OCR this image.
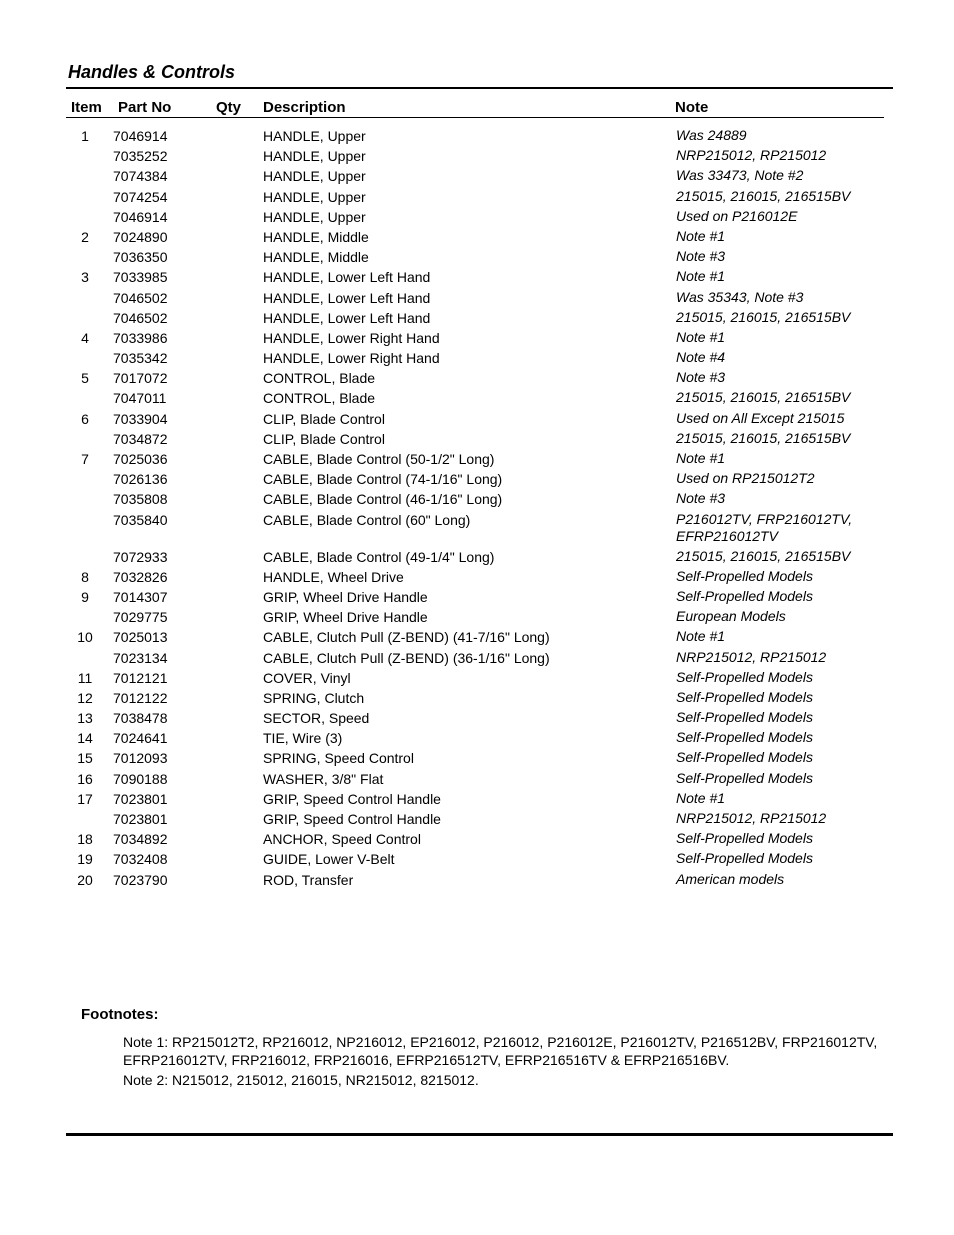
Handles & Controls
Item Part No	Qty Description	Note
1	7046914	HANDLE, Upper	Was 24889
7035252	HANDLE, Upper	NRP215012, RP215012
7074384	HANDLE, Upper	Was 33473, Note #2
7074254	HANDLE, Upper	215015, 216015, 216515BV
7046914	HANDLE, Upper	Used on P216012E
2	7024890	HANDLE, Middle	Note #1
7036350	HANDLE, Middle	Note #3
3	7033985	HANDLE, Lower Left Hand	Note #1
7046502	HANDLE, Lower Left Hand	Was 35343, Note #3
7046502	HANDLE, Lower Left Hand	215015, 216015, 216515BV
4	7033986	HANDLE, Lower Right Hand	Note #1
7035342	HANDLE, Lower Right Hand	Note #4
5	7017072	CONTROL, Blade	Note #3
7047011	CONTROL, Blade	215015, 216015, 216515BV
6	7033904	CLIP, Blade Control	Used on All Except 215015
7034872	CLIP, Blade Control	215015, 216015, 216515BV
7	7025036	CABLE, Blade Control (50-1/2" Long)	Note #1
7026136	CABLE, Blade Control (74-1/16" Long)	Used on RP215012T2
7035808	CABLE, Blade Control (46-1/16" Long)	Note #3
7035840	CABLE, Blade Control (60" Long)	P216012TV, FRP216012TV, EFRP216012TV
7072933	CABLE, Blade Control (49-1/4" Long)	215015, 216015, 216515BV
8	7032826	HANDLE, Wheel Drive	Self-Propelled Models
9	7014307	GRIP, Wheel Drive Handle	Self-Propelled Models
7029775	GRIP, Wheel Drive Handle	European Models
10	7025013	CABLE, Clutch Pull (Z-BEND) (41-7/16" Long)	Note #1
7023134	CABLE, Clutch Pull (Z-BEND) (36-1/16" Long)	NRP215012, RP215012
11	7012121	COVER, Vinyl	Self-Propelled Models
12	7012122	SPRING, Clutch	Self-Propelled Models
13	7038478	SECTOR, Speed	Self-Propelled Models
14	7024641	TIE, Wire (3)	Self-Propelled Models
15	7012093	SPRING, Speed Control	Self-Propelled Models
16	7090188	WASHER, 3/8" Flat	Self-Propelled Models
17	7023801	GRIP, Speed Control Handle	Note #1
7023801	GRIP, Speed Control Handle	NRP215012, RP215012
18	7034892	ANCHOR, Speed Control	Self-Propelled Models
19	7032408	GUIDE, Lower V-Belt	Self-Propelled Models
20	7023790	ROD, Transfer	American models
Footnotes:
Note 1: RP215012T2, RP216012, NP216012, EP216012, P216012, P216012E, P216012TV, P216512BV, FRP216012TV, EFRP216012TV, FRP216012, FRP216016, EFRP216512TV, EFRP216516TV & EFRP216516BV.
Note 2: N215012, 215012, 216015, NR215012, 8215012.
